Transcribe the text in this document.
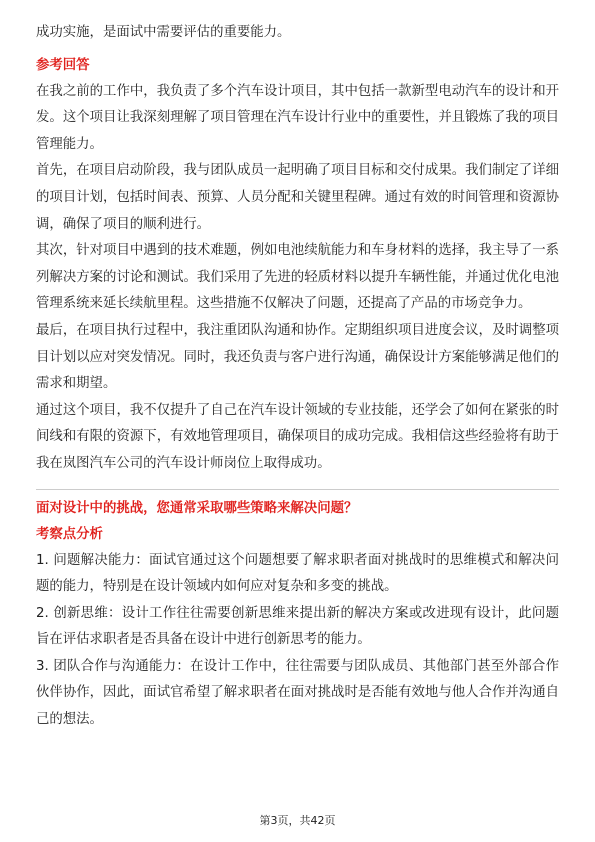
成功实施，是面试中需要评估的重要能力。

参考回答

在我之前的工作中，我负责了多个汽车设计项目，其中包括一款新型电动汽车的设计和开发。这个项目让我深刻理解了项目管理在汽车设计行业中的重要性，并且锻炼了我的项目管理能力。

首先，在项目启动阶段，我与团队成员一起明确了项目目标和交付成果。我们制定了详细的项目计划，包括时间表、预算、人员分配和关键里程碑。通过有效的时间管理和资源协调，确保了项目的顺利进行。

其次，针对项目中遇到的技术难题，例如电池续航能力和车身材料的选择，我主导了一系列解决方案的讨论和测试。我们采用了先进的轻质材料以提升车辆性能，并通过优化电池管理系统来延长续航里程。这些措施不仅解决了问题，还提高了产品的市场竞争力。

最后，在项目执行过程中，我注重团队沟通和协作。定期组织项目进度会议，及时调整项目计划以应对突发情况。同时，我还负责与客户进行沟通，确保设计方案能够满足他们的需求和期望。

通过这个项目，我不仅提升了自己在汽车设计领域的专业技能，还学会了如何在紧张的时间线和有限的资源下，有效地管理项目，确保项目的成功完成。我相信这些经验将有助于我在岚图汽车公司的汽车设计师岗位上取得成功。

面对设计中的挑战，您通常采取哪些策略来解决问题？
考察点分析

1. 问题解决能力：面试官通过这个问题想要了解求职者面对挑战时的思维模式和解决问题的能力，特别是在设计领域内如何应对复杂和多变的挑战。

2. 创新思维：设计工作往往需要创新思维来提出新的解决方案或改进现有设计，此问题旨在评估求职者是否具备在设计中进行创新思考的能力。

3. 团队合作与沟通能力：在设计工作中，往往需要与团队成员、其他部门甚至外部合作伙伴协作，因此，面试官希望了解求职者在面对挑战时是否能有效地与他人合作并沟通自己的想法。

第3页，共42页
